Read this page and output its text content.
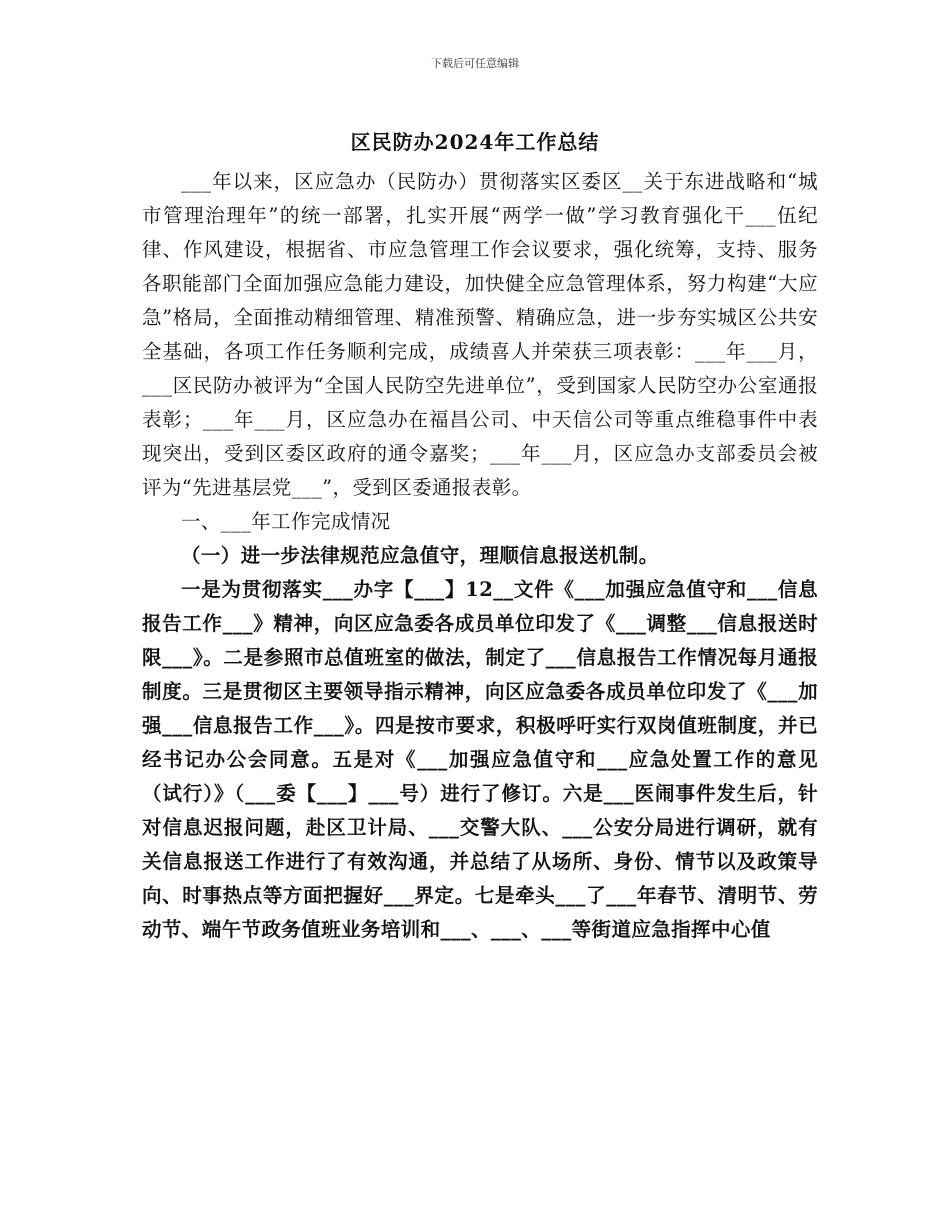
下载后可任意编辑
区民防办2024年工作总结

___年以来，区应急办（民防办）贯彻落实区委区__关于东进战略和“城市管理治理年”的统一部署，扎实开展“两学一做”学习教育强化干___伍纪律、作风建设，根据省、市应急管理工作会议要求，强化统筹，支持、服务各职能部门全面加强应急能力建设，加快健全应急管理体系，努力构建“大应急”格局，全面推动精细管理、精准预警、精确应急，进一步夯实城区公共安全基础，各项工作任务顺利完成，成绩喜人并荣获三项表彰：___年___月，___区民防办被评为“全国人民防空先进单位”，受到国家人民防空办公室通报表彰；___年___月，区应急办在福昌公司、中天信公司等重点维稳事件中表现突出，受到区委区政府的通令嘉奖；___年___月，区应急办支部委员会被评为“先进基层党___”，受到区委通报表彰。

一、___年工作完成情况

（一）进一步法律规范应急值守，理顺信息报送机制。

一是为贯彻落实___办字【___】12__文件《___加强应急值守和___信息报告工作___》精神，向区应急委各成员单位印发了《___调整___信息报送时限___》。二是参照市总值班室的做法，制定了___信息报告工作情况每月通报制度。三是贯彻区主要领导指示精神，向区应急委各成员单位印发了《___加强___信息报告工作___》。四是按市要求，积极呼吁实行双岗值班制度，并已经书记办公会同意。五是对《___加强应急值守和___应急处置工作的意见（试行）》（___委【___】___号）进行了修订。六是___医闹事件发生后，针对信息迟报问题，赴区卫计局、___交警大队、___公安分局进行调研，就有关信息报送工作进行了有效沟通，并总结了从场所、身份、情节以及政策导向、时事热点等方面把握好___界定。七是牵头___了___年春节、清明节、劳动节、端午节政务值班业务培训和___、___、___等街道应急指挥中心值
